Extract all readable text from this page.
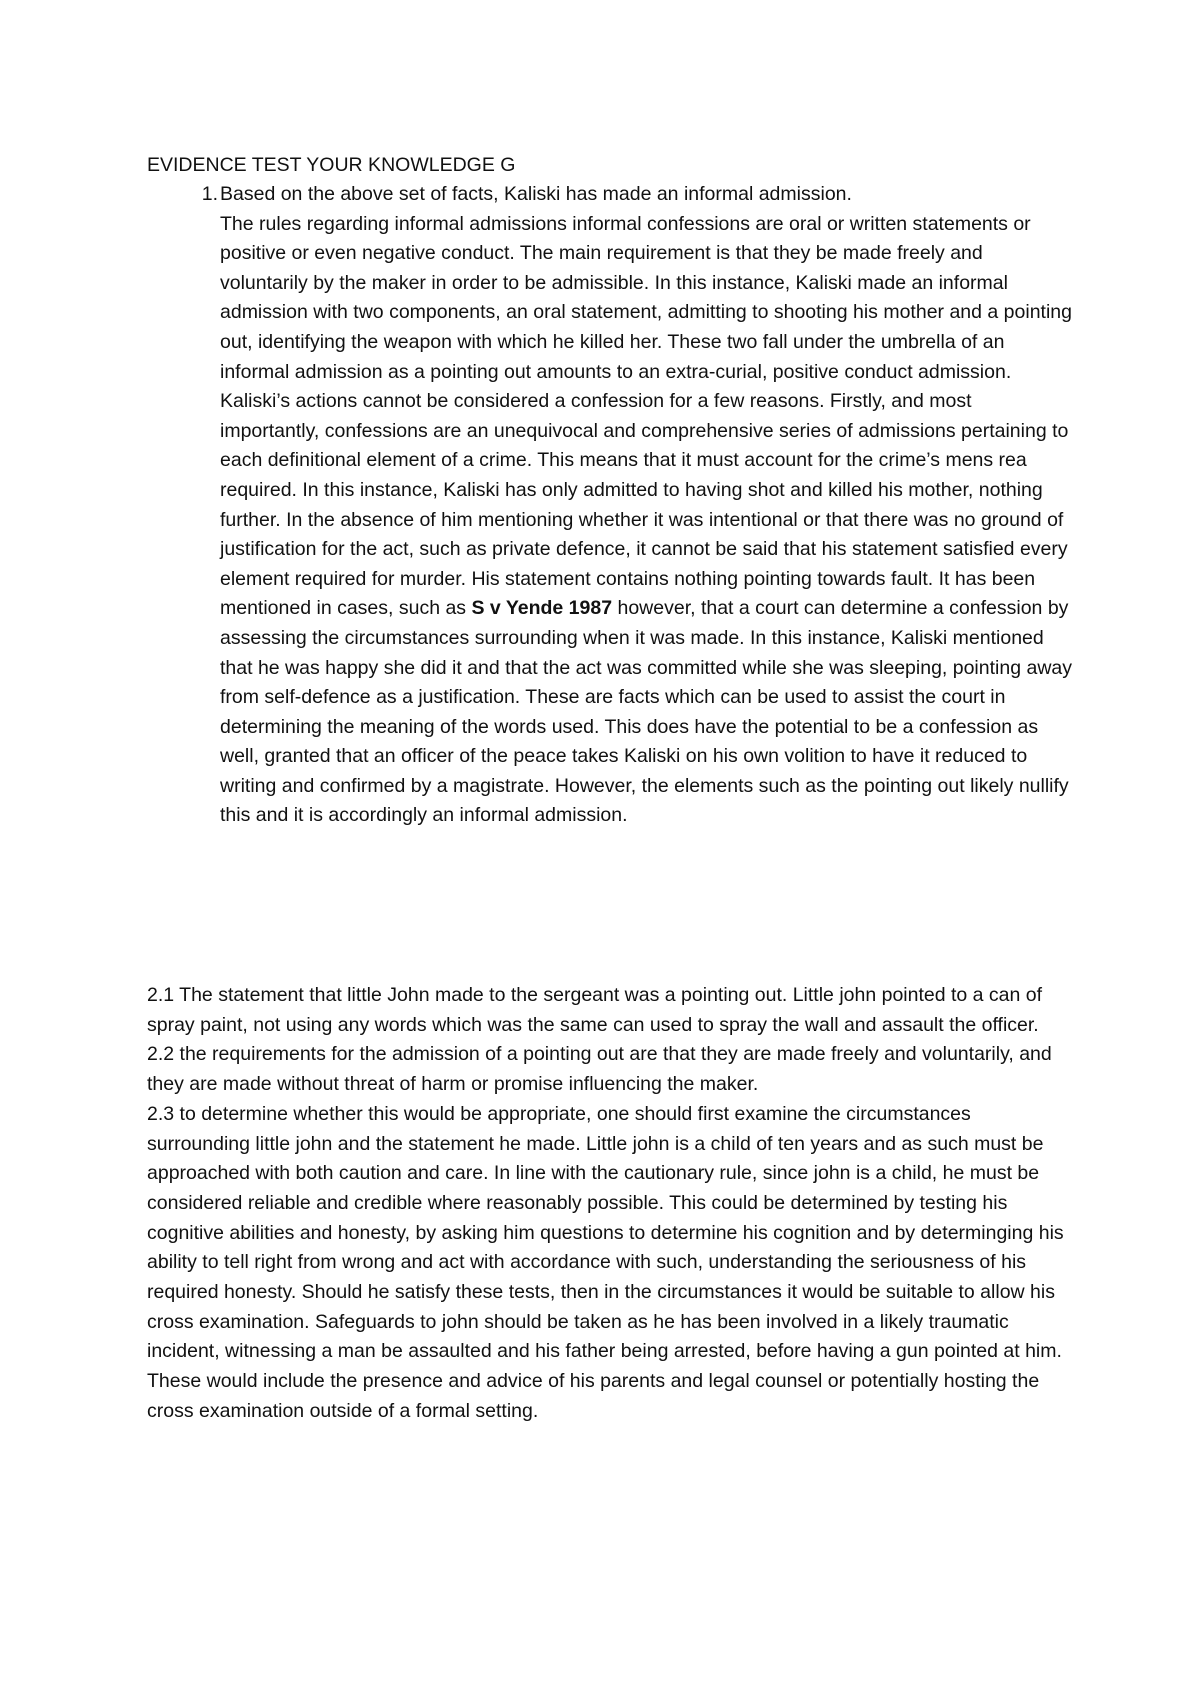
EVIDENCE TEST YOUR KNOWLEDGE G
1. Based on the above set of facts, Kaliski has made an informal admission.

The rules regarding informal admissions informal confessions are oral or written statements or positive or even negative conduct. The main requirement is that they be made freely and voluntarily by the maker in order to be admissible. In this instance, Kaliski made an informal admission with two components, an oral statement, admitting to shooting his mother and a pointing out, identifying the weapon with which he killed her. These two fall under the umbrella of an informal admission as a pointing out amounts to an extra-curial, positive conduct admission. Kaliski’s actions cannot be considered a confession for a few reasons. Firstly, and most importantly, confessions are an unequivocal and comprehensive series of admissions pertaining to each definitional element of a crime. This means that it must account for the crime’s mens rea required. In this instance, Kaliski has only admitted to having shot and killed his mother, nothing further. In the absence of him mentioning whether it was intentional or that there was no ground of justification for the act, such as private defence, it cannot be said that his statement satisfied every element required for murder. His statement contains nothing pointing towards fault. It has been mentioned in cases, such as S v Yende 1987 however, that a court can determine a confession by assessing the circumstances surrounding when it was made. In this instance, Kaliski mentioned that he was happy she did it and that the act was committed while she was sleeping, pointing away from self-defence as a justification. These are facts which can be used to assist the court in determining the meaning of the words used. This does have the potential to be a confession as well, granted that an officer of the peace takes Kaliski on his own volition to have it reduced to writing and confirmed by a magistrate. However, the elements such as the pointing out likely nullify this and it is accordingly an informal admission.

2.1 The statement that little John made to the sergeant was a pointing out. Little john pointed to a can of spray paint, not using any words which was the same can used to spray the wall and assault the officer.

2.2 the requirements for the admission of a pointing out are that they are made freely and voluntarily, and they are made without threat of harm or promise influencing the maker.

2.3 to determine whether this would be appropriate, one should first examine the circumstances surrounding little john and the statement he made. Little john is a child of ten years and as such must be approached with both caution and care. In line with the cautionary rule, since john is a child, he must be considered reliable and credible where reasonably possible. This could be determined by testing his cognitive abilities and honesty, by asking him questions to determine his cognition and by determinging his ability to tell right from wrong and act with accordance with such, understanding the seriousness of his required honesty. Should he satisfy these tests, then in the circumstances it would be suitable to allow his cross examination. Safeguards to john should be taken as he has been involved in a likely traumatic incident, witnessing a man be assaulted and his father being arrested, before having a gun pointed at him. These would include the presence and advice of his parents and legal counsel or potentially hosting the cross examination outside of a formal setting.
